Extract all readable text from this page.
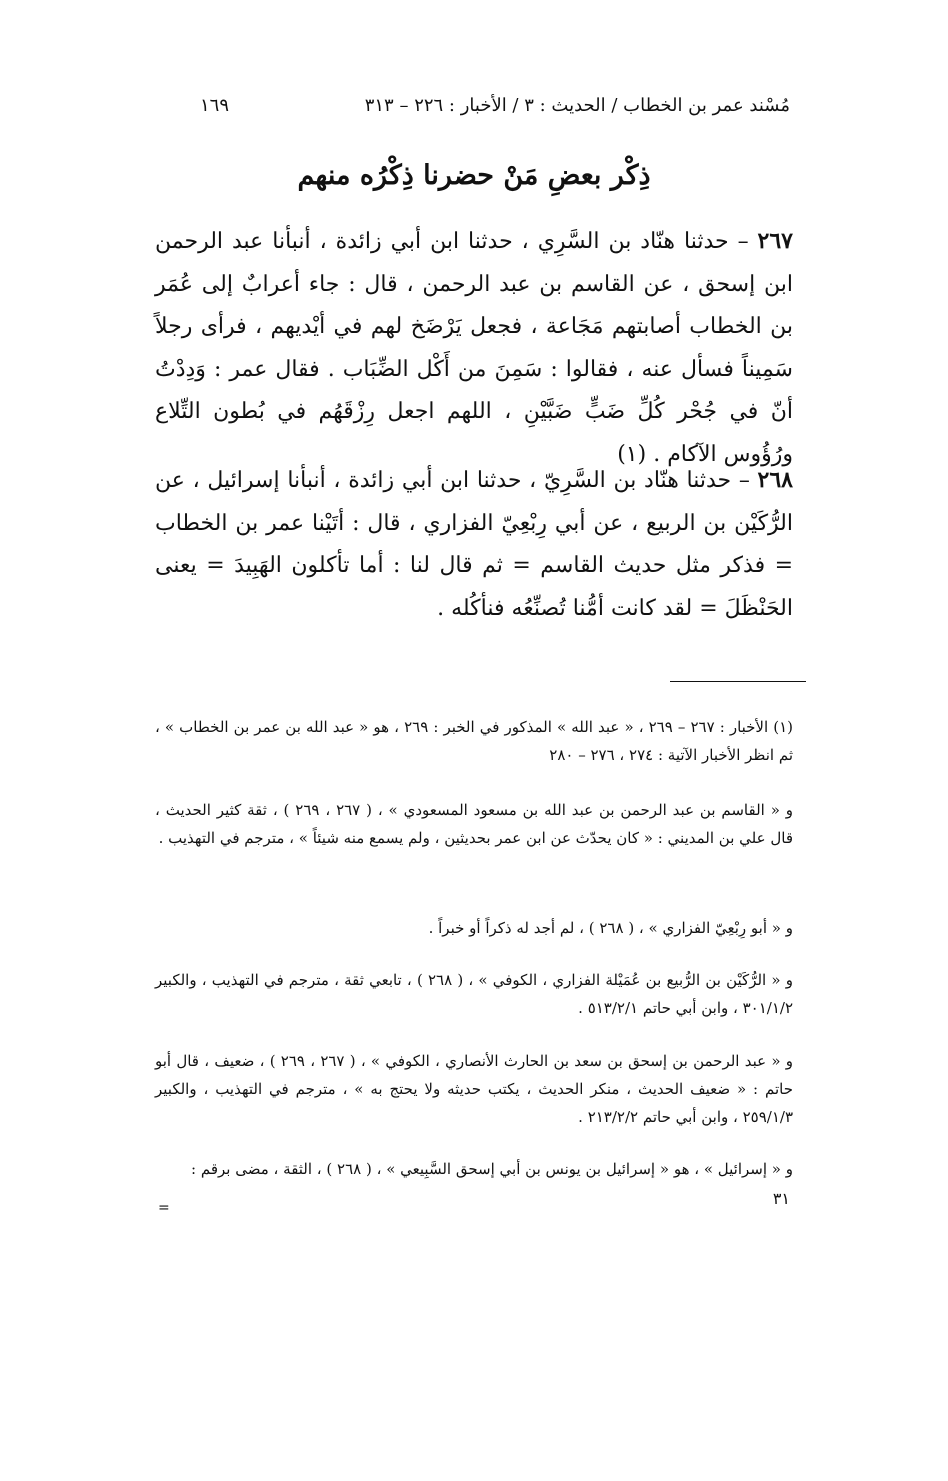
مُسْند عمر بن الخطاب / الحديث : ٣ / الأخبار : ٢٢٦ – ٣١٣
١٦٩
ذِكْر بعضِ مَنْ حضرنا ذِكْرُه منهم
٢٦٧ – حدثنا هنّاد بن السَّرِي ، حدثنا ابن أبي زائدة ، أنبأنا عبد الرحمن ابن إسحق ، عن القاسم بن عبد الرحمن ، قال : جاء أعرابٌ إلى عُمَر بن الخطاب أصابتهم مَجَاعة ، فجعل يَرْضَخ لهم في أيْديهم ، فرأى رجلاً سَمِيناً فسأل عنه ، فقالوا : سَمِنَ من أَكْل الضِّبَاب . فقال عمر : وَدِدْتُ أنّ في جُحْر كُلِّ ضَبٍّ ضَبَّيْنِ ، اللهم اجعل رِزْقَهُم في بُطون التِّلاع ورُؤُوس الآكام . (١)
٢٦٨ – حدثنا هنّاد بن السَّرِيّ ، حدثنا ابن أبي زائدة ، أنبأنا إسرائيل ، عن الرُّكَيْن بن الربيع ، عن أبي رِبْعِيّ الفزاري ، قال : أتَيْنا عمر بن الخطاب = فذكر مثل حديث القاسم = ثم قال لنا : أما تأكلون الهَبِيدَ = يعنى الحَنْظَلَ = لقد كانت أمُّنا تُصنِّعُه فنأكُله .
(١) الأخبار : ٢٦٧ – ٢٦٩ ، « عبد الله » المذكور في الخبر : ٢٦٩ ، هو « عبد الله بن عمر بن الخطاب » ، ثم انظر الأخبار الآتية : ٢٧٤ ، ٢٧٦ – ٢٨٠
و « القاسم بن عبد الرحمن بن عبد الله بن مسعود المسعودي » ، ( ٢٦٧ ، ٢٦٩ ) ، ثقة كثير الحديث ، قال علي بن المديني : « كان يحدّث عن ابن عمر بحديثين ، ولم يسمع منه شيئاً » ، مترجم في التهذيب .
و « أبو رِبْعِيّ الفزاري » ، ( ٢٦٨ ) ، لم أجد له ذكراً أو خبراً .
و « الرُّكَيْن بن الرُّبيع بن عُمَيْلة الفزاري ، الكوفي » ، ( ٢٦٨ ) ، تابعي ثقة ، مترجم في التهذيب ، والكبير ٣٠١/١/٢ ، وابن أبي حاتم ٥١٣/٢/١ .
و « عبد الرحمن بن إسحق بن سعد بن الحارث الأنصاري ، الكوفي » ، ( ٢٦٧ ، ٢٦٩ ) ، ضعيف ، قال أبو حاتم : « ضعيف الحديث ، منكر الحديث ، يكتب حديثه ولا يحتج به » ، مترجم في التهذيب ، والكبير ٢٥٩/١/٣ ، وابن أبي حاتم ٢١٣/٢/٢ .
و « إسرائيل » ، هو « إسرائيل بن يونس بن أبي إسحق السَّبِيعي » ، ( ٢٦٨ ) ، الثقة ، مضى برقم :
٣١
=
